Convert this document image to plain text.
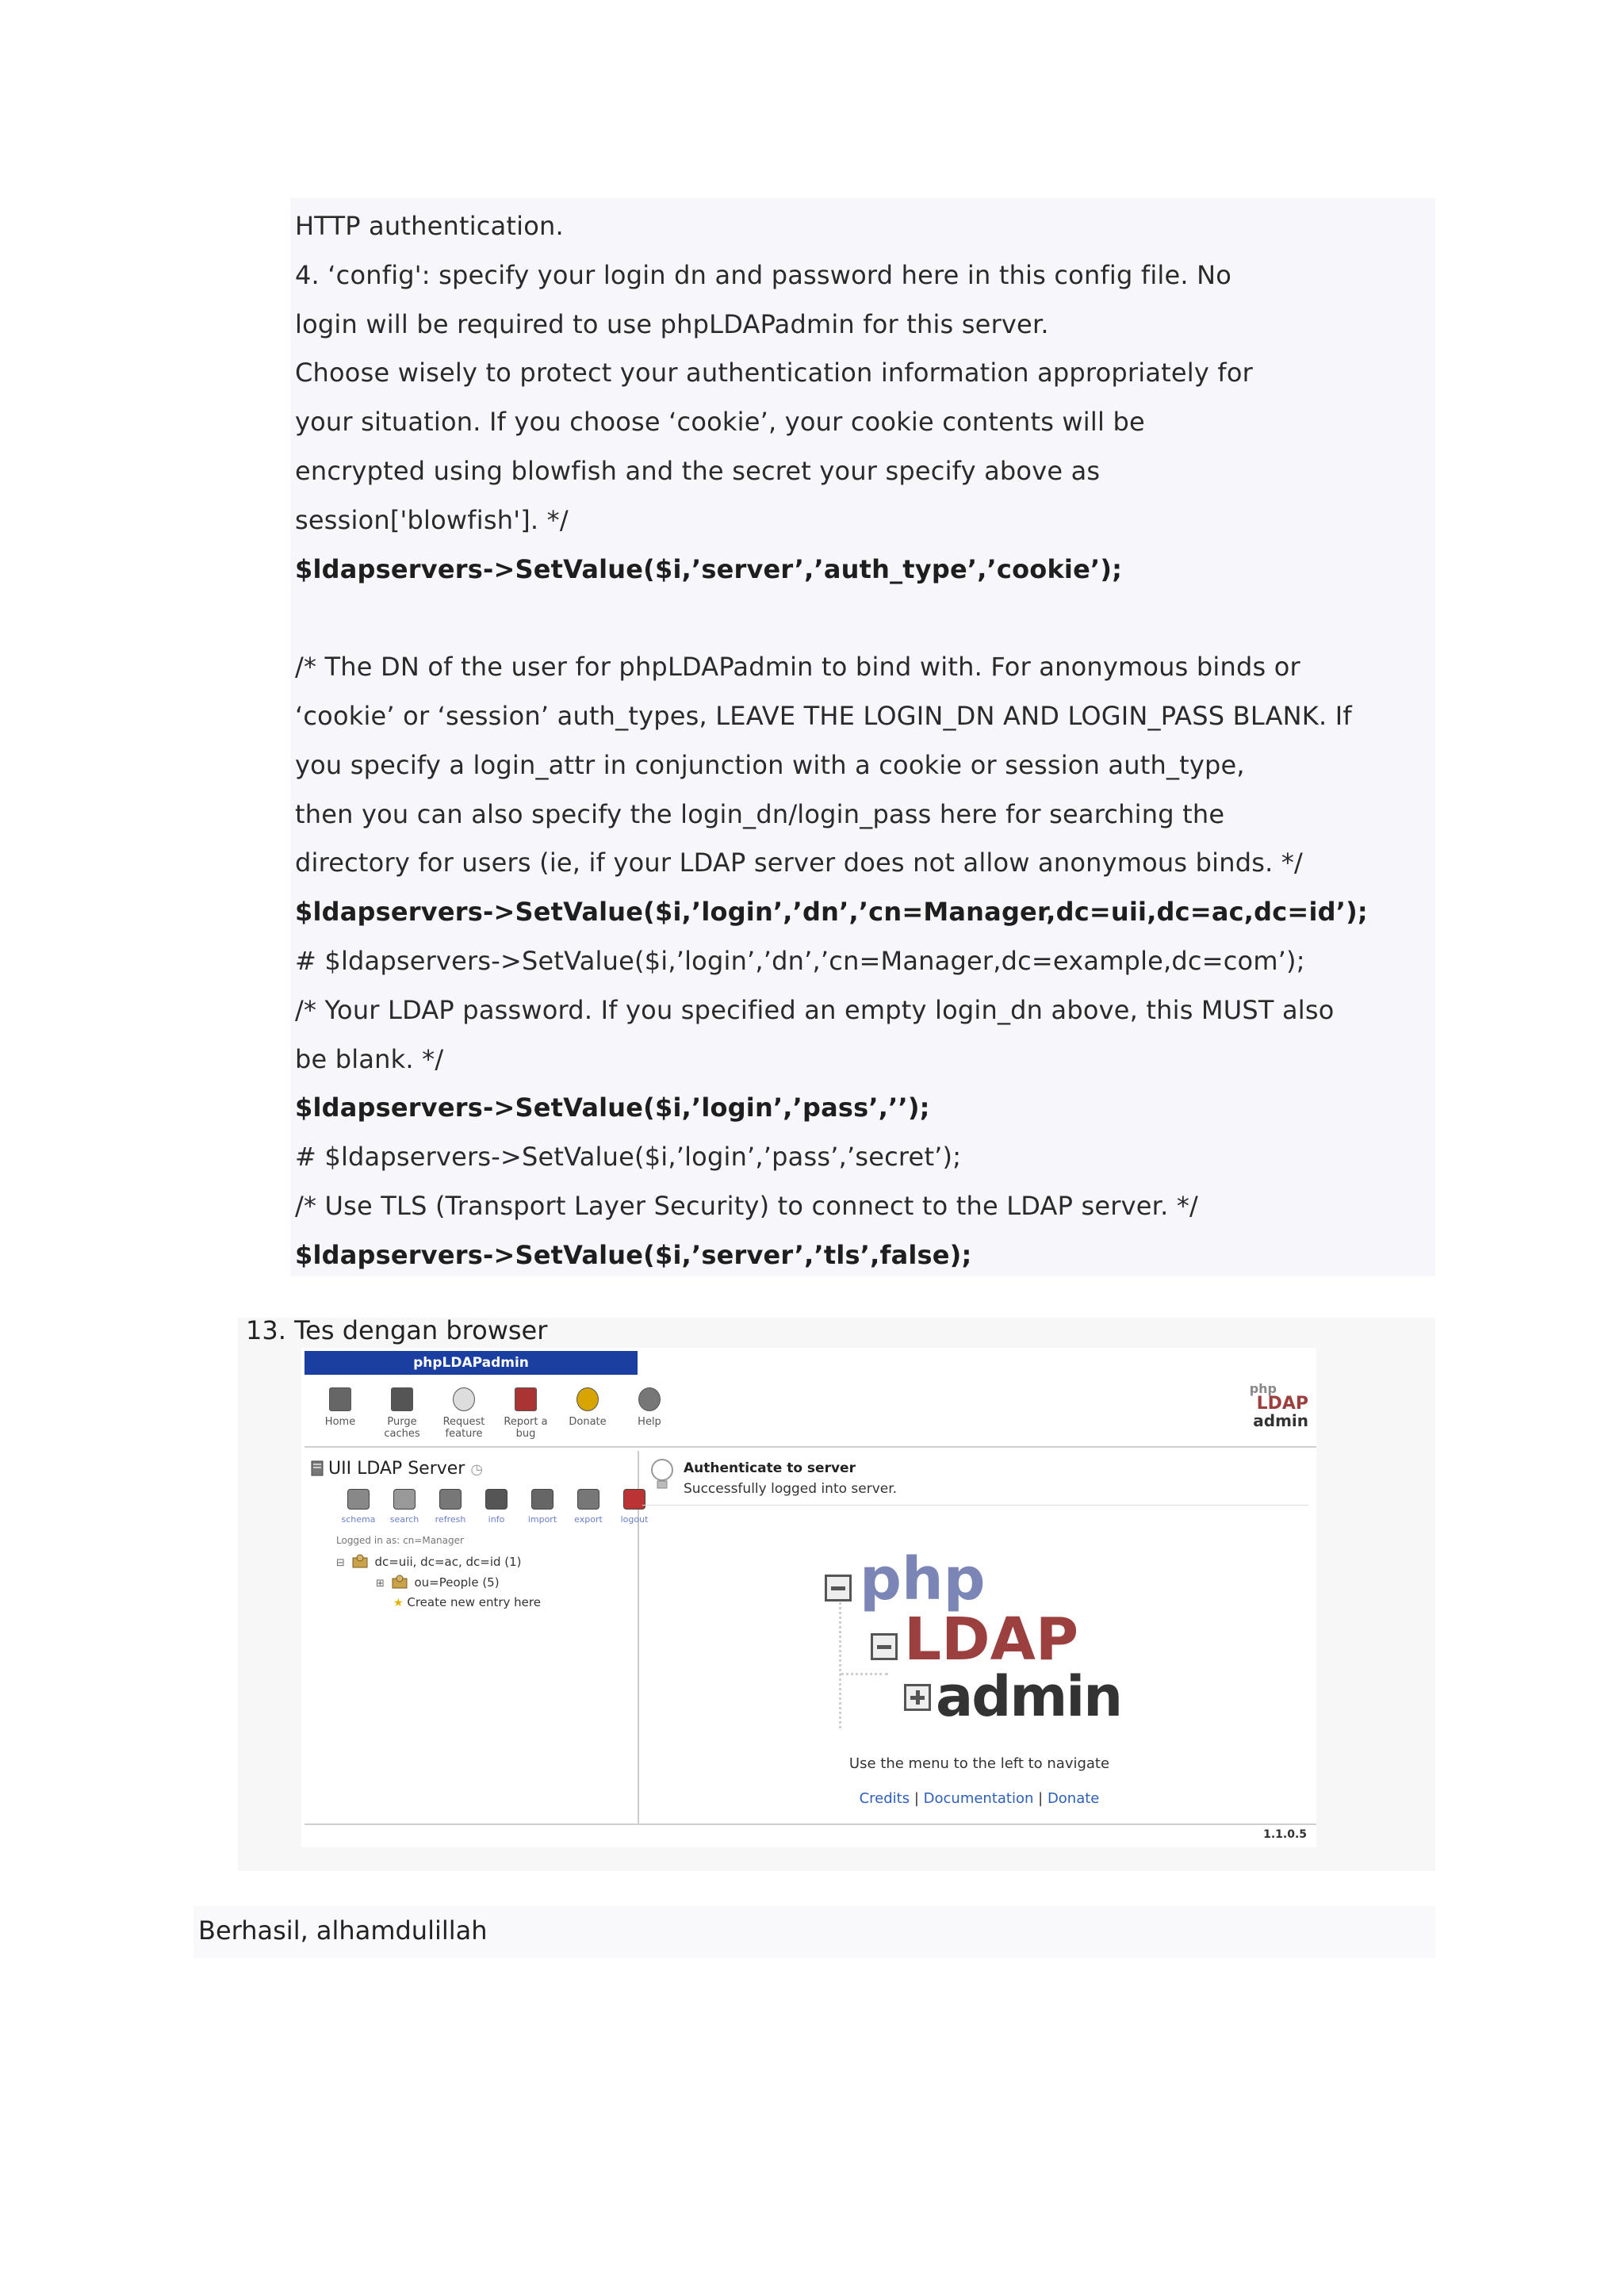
HTTP authentication.
4. ‘config': specify your login dn and password here in this config file. No
login will be required to use phpLDAPadmin for this server.
Choose wisely to protect your authentication information appropriately for
your situation. If you choose ‘cookie’, your cookie contents will be
encrypted using blowfish and the secret your specify above as
session['blowfish']. */
$ldapservers->SetValue($i,’server’,’auth_type’,’cookie’);
/* The DN of the user for phpLDAPadmin to bind with. For anonymous binds or
‘cookie’ or ‘session’ auth_types, LEAVE THE LOGIN_DN AND LOGIN_PASS BLANK. If
you specify a login_attr in conjunction with a cookie or session auth_type,
then you can also specify the login_dn/login_pass here for searching the
directory for users (ie, if your LDAP server does not allow anonymous binds. */
$ldapservers->SetValue($i,’login’,’dn’,’cn=Manager,dc=uii,dc=ac,dc=id’);
# $ldapservers->SetValue($i,’login’,’dn’,’cn=Manager,dc=example,dc=com’);
/* Your LDAP password. If you specified an empty login_dn above, this MUST also
be blank. */
$ldapservers->SetValue($i,’login’,’pass’,’’);
# $ldapservers->SetValue($i,’login’,’pass’,’secret’);
/* Use TLS (Transport Layer Security) to connect to the LDAP server. */
$ldapservers->SetValue($i,’server’,’tls’,false);
13. Tes dengan browser
phpLDAPadmin
Home	Purge caches
Request feature
Report a bug
Donate	Help
php
LDAP
admin
UII LDAP Server ◷
schema	search	refresh	info	import	export	logout
Logged in as: cn=Manager
⊟	dc=uii, dc=ac, dc=id (1)
⊞	ou=People (5)
★ Create new entry here
Authenticate to server
Successfully logged into server.
php
LDAP
admin
Use the menu to the left to navigate
Credits | Documentation | Donate
1.1.0.5
Berhasil, alhamdulillah
